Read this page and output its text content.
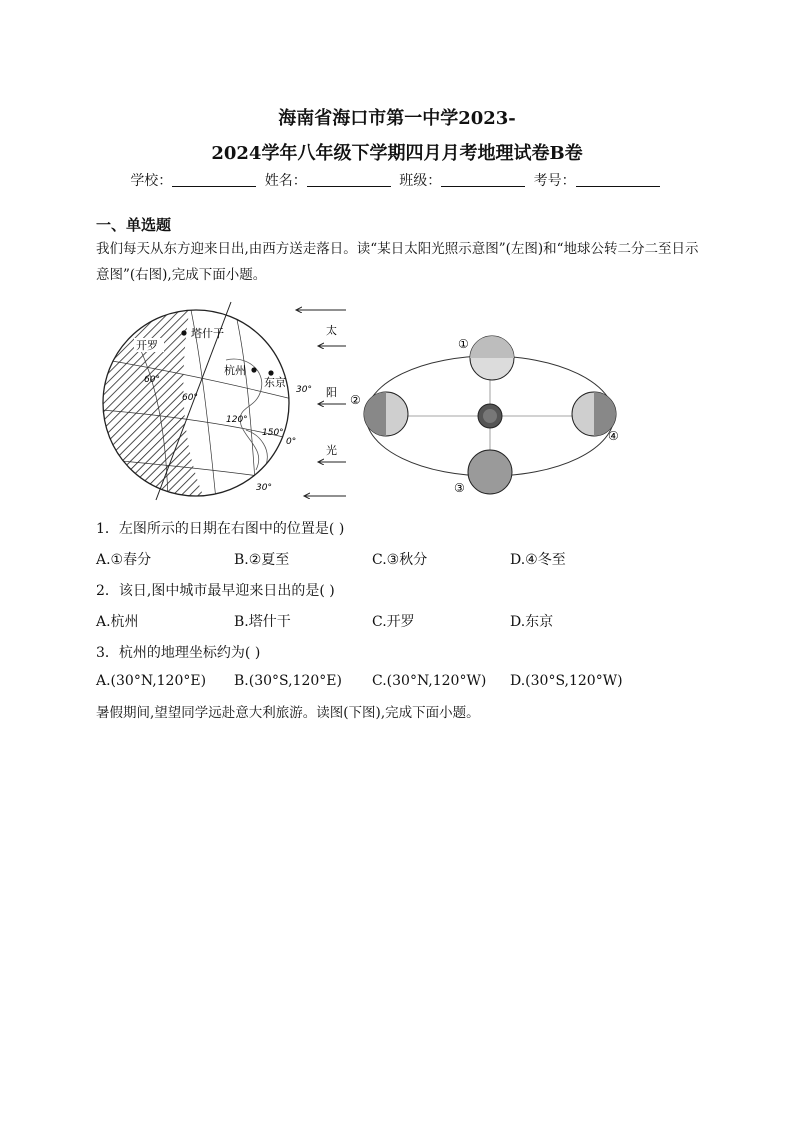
海南省海口市第一中学2023-
2024学年八年级下学期四月月考地理试卷B卷
学校：	姓名：	班级：	考号：
一、单选题
我们每天从东方迎来日出,由西方送走落日。读“某日太阳光照示意图”(左图)和“地球公转二分二至日示意图”(右图),完成下面小题。
塔什干
开罗
杭州
东京
60°
30°
0°
30°
60°
120°
150°
太
阳
光
①
②
③
④
1．左图所示的日期在右图中的位置是( )
A.①春分	B.②夏至	C.③秋分	D.④冬至
2．该日,图中城市最早迎来日出的是( )
A.杭州	B.塔什干	C.开罗	D.东京
3．杭州的地理坐标约为( )
A.(30°N,120°E) B.(30°S,120°E) C.(30°N,120°W) D.(30°S,120°W)
暑假期间,望望同学远赴意大利旅游。读图(下图),完成下面小题。
